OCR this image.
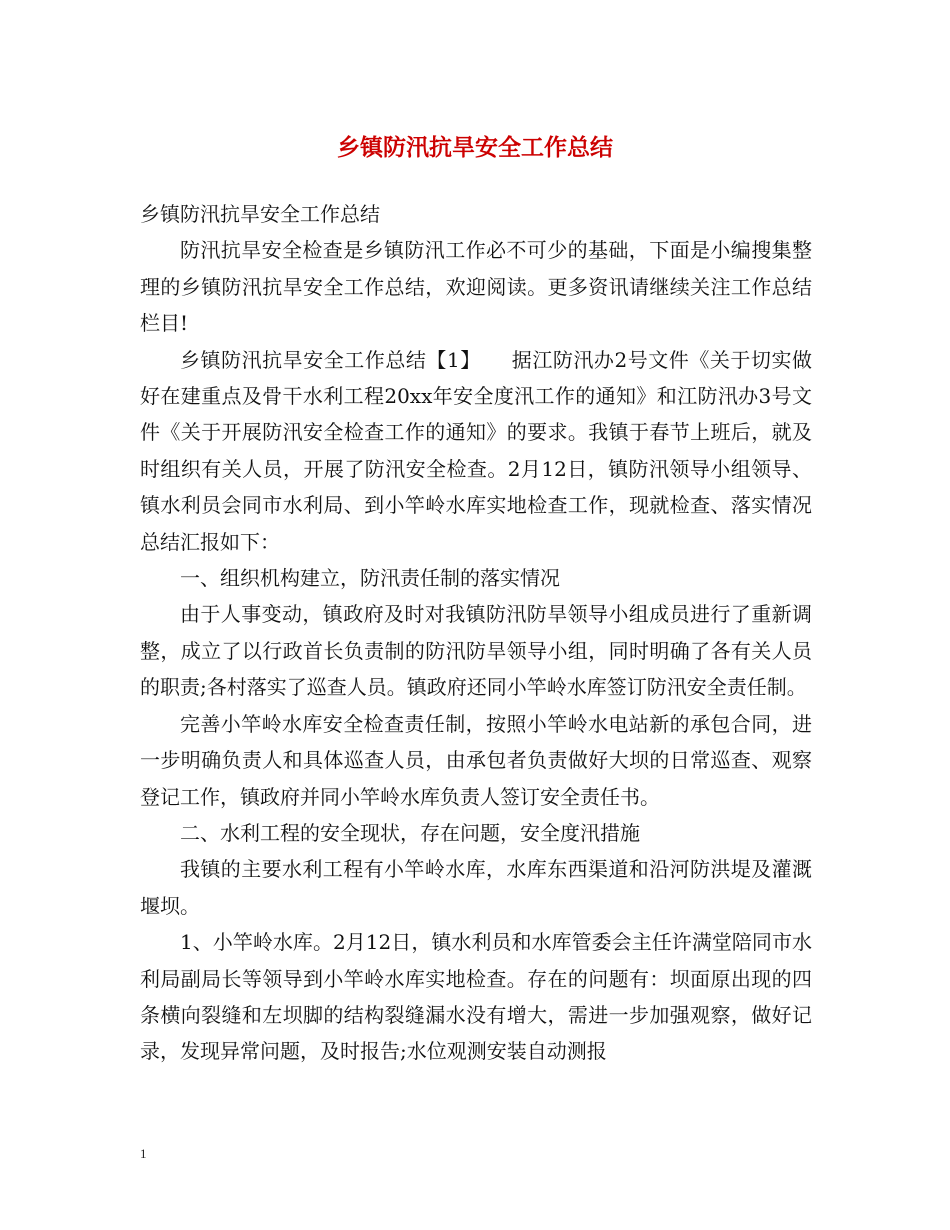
乡镇防汛抗旱安全工作总结

乡镇防汛抗旱安全工作总结

防汛抗旱安全检查是乡镇防汛工作必不可少的基础，下面是小编搜集整理的乡镇防汛抗旱安全工作总结，欢迎阅读。更多资讯请继续关注工作总结栏目!

乡镇防汛抗旱安全工作总结【1】　　据江防汛办2号文件《关于切实做好在建重点及骨干水利工程20xx年安全度汛工作的通知》和江防汛办3号文件《关于开展防汛安全检查工作的通知》的要求。我镇于春节上班后，就及时组织有关人员，开展了防汛安全检查。2月12日，镇防汛领导小组领导、镇水利员会同市水利局、到小竿岭水库实地检查工作，现就检查、落实情况总结汇报如下：

一、组织机构建立，防汛责任制的落实情况

由于人事变动，镇政府及时对我镇防汛防旱领导小组成员进行了重新调整，成立了以行政首长负责制的防汛防旱领导小组，同时明确了各有关人员的职责;各村落实了巡查人员。镇政府还同小竿岭水库签订防汛安全责任制。

完善小竿岭水库安全检查责任制，按照小竿岭水电站新的承包合同，进一步明确负责人和具体巡查人员，由承包者负责做好大坝的日常巡查、观察登记工作，镇政府并同小竿岭水库负责人签订安全责任书。

二、水利工程的安全现状，存在问题，安全度汛措施

我镇的主要水利工程有小竿岭水库，水库东西渠道和沿河防洪堤及灌溉堰坝。

1、小竿岭水库。2月12日，镇水利员和水库管委会主任许满堂陪同市水利局副局长等领导到小竿岭水库实地检查。存在的问题有：坝面原出现的四条横向裂缝和左坝脚的结构裂缝漏水没有增大，需进一步加强观察，做好记录，发现异常问题，及时报告;水位观测安装自动测报

1
